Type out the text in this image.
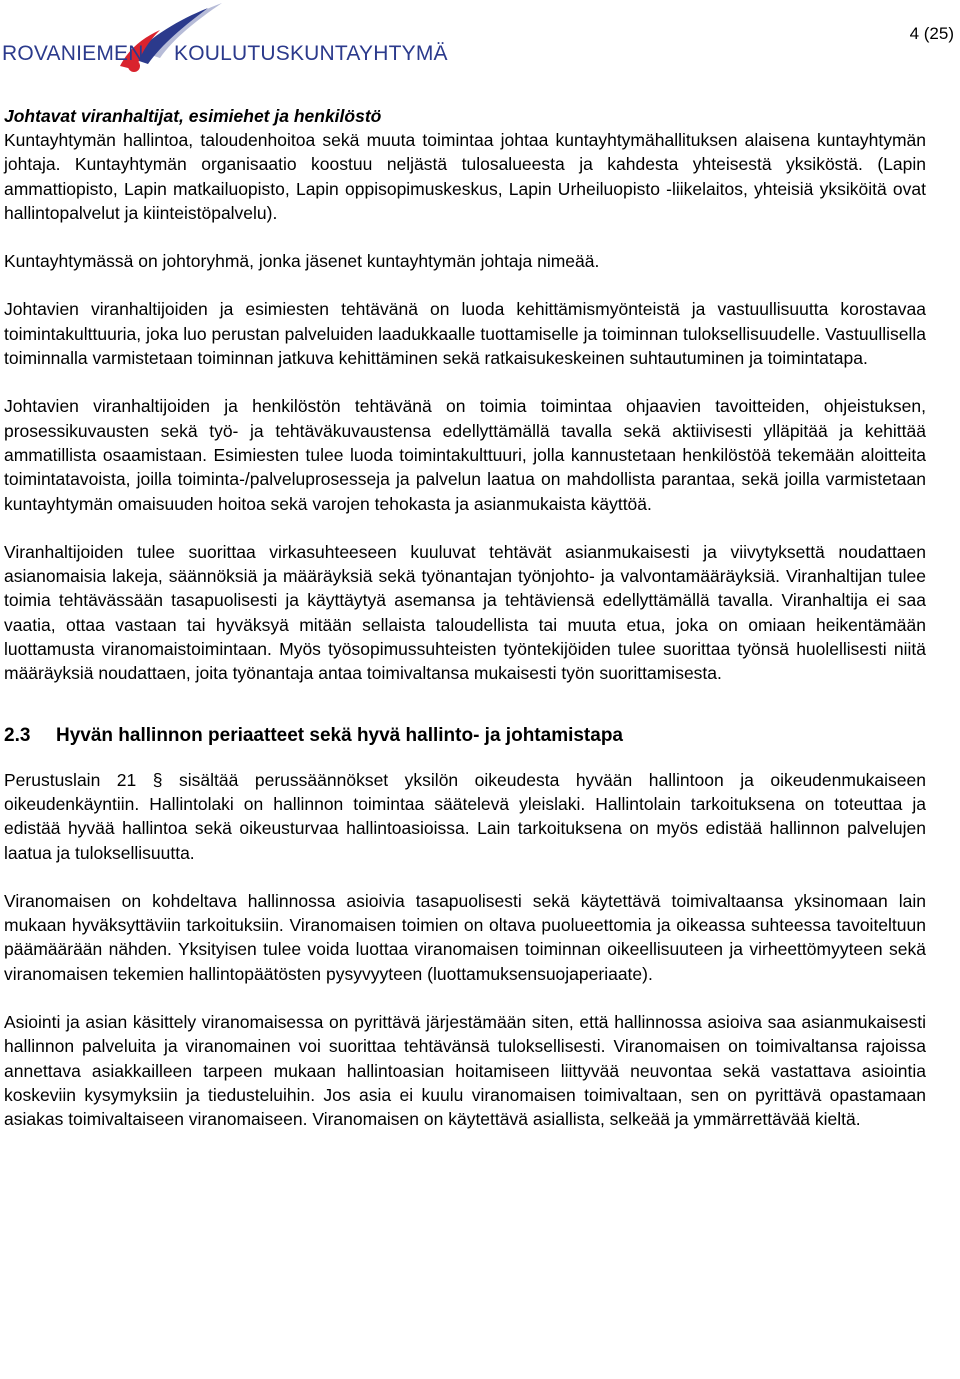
ROVANIEMEN KOULUTUSKUNTAYHTYMÄ
4 (25)
Johtavat viranhaltijat, esimiehet ja henkilöstö

Kuntayhtymän hallintoa, taloudenhoitoa sekä muuta toimintaa johtaa kuntayhtymähallituksen alaisena kuntayhtymän johtaja. Kuntayhtymän organisaatio koostuu neljästä tulosalueesta ja kahdesta yhteisestä yksiköstä. (Lapin ammattiopisto, Lapin matkailuopisto, Lapin oppisopimuskeskus, Lapin Urheiluopisto -liikelaitos, yhteisiä yksiköitä ovat hallintopalvelut ja kiinteistöpalvelu).

Kuntayhtymässä on johtoryhmä, jonka jäsenet kuntayhtymän johtaja nimeää.

Johtavien viranhaltijoiden ja esimiesten tehtävänä on luoda kehittämismyönteistä ja vastuullisuutta korostavaa toimintakulttuuria, joka luo perustan palveluiden laadukkaalle tuottamiselle ja toiminnan tuloksellisuudelle. Vastuullisella toiminnalla varmistetaan toiminnan jatkuva kehittäminen sekä ratkaisukeskeinen suhtautuminen ja toimintatapa.

Johtavien viranhaltijoiden ja henkilöstön tehtävänä on toimia toimintaa ohjaavien tavoitteiden, ohjeistuksen, prosessikuvausten sekä työ- ja tehtäväkuvaustensa edellyttämällä tavalla sekä aktiivisesti ylläpitää ja kehittää ammatillista osaamistaan. Esimiesten tulee luoda toimintakulttuuri, jolla kannustetaan henkilöstöä tekemään aloitteita toimintatavoista, joilla toiminta-/palveluprosesseja ja palvelun laatua on mahdollista parantaa, sekä joilla varmistetaan kuntayhtymän omaisuuden hoitoa sekä varojen tehokasta ja asianmukaista käyttöä.

Viranhaltijoiden tulee suorittaa virkasuhteeseen kuuluvat tehtävät asianmukaisesti ja viivytyksettä noudattaen asianomaisia lakeja, säännöksiä ja määräyksiä sekä työnantajan työnjohto- ja valvontamääräyksiä. Viranhaltijan tulee toimia tehtävässään tasapuolisesti ja käyttäytyä asemansa ja tehtäviensä edellyttämällä tavalla. Viranhaltija ei saa vaatia, ottaa vastaan tai hyväksyä mitään sellaista taloudellista tai muuta etua, joka on omiaan heikentämään luottamusta viranomaistoimintaan. Myös työsopimussuhteisten työntekijöiden tulee suorittaa työnsä huolellisesti niitä määräyksiä noudattaen, joita työnantaja antaa toimivaltansa mukaisesti työn suorittamisesta.

2.3 Hyvän hallinnon periaatteet sekä hyvä hallinto- ja johtamistapa

Perustuslain 21 § sisältää perussäännökset yksilön oikeudesta hyvään hallintoon ja oikeudenmukaiseen oikeudenkäyntiin. Hallintolaki on hallinnon toimintaa säätelevä yleislaki. Hallintolain tarkoituksena on toteuttaa ja edistää hyvää hallintoa sekä oikeusturvaa hallintoasioissa. Lain tarkoituksena on myös edistää hallinnon palvelujen laatua ja tuloksellisuutta.

Viranomaisen on kohdeltava hallinnossa asioivia tasapuolisesti sekä käytettävä toimivaltaansa yksinomaan lain mukaan hyväksyttäviin tarkoituksiin. Viranomaisen toimien on oltava puolueettomia ja oikeassa suhteessa tavoiteltuun päämäärään nähden. Yksityisen tulee voida luottaa viranomaisen toiminnan oikeellisuuteen ja virheettömyyteen sekä viranomaisen tekemien hallintopäätösten pysyvyyteen (luottamuksensuojaperiaate).

Asiointi ja asian käsittely viranomaisessa on pyrittävä järjestämään siten, että hallinnossa asioiva saa asianmukaisesti hallinnon palveluita ja viranomainen voi suorittaa tehtävänsä tuloksellisesti. Viranomaisen on toimivaltansa rajoissa annettava asiakkailleen tarpeen mukaan hallintoasian hoitamiseen liittyvää neuvontaa sekä vastattava asiointia koskeviin kysymyksiin ja tiedusteluihin. Jos asia ei kuulu viranomaisen toimivaltaan, sen on pyrittävä opastamaan asiakas toimivaltaiseen viranomaiseen. Viranomaisen on käytettävä asiallista, selkeää ja ymmärrettävää kieltä.
